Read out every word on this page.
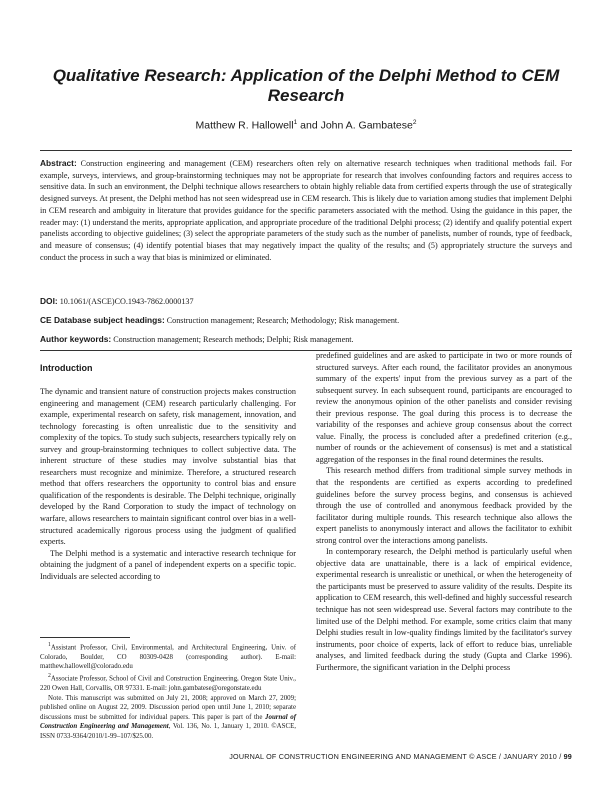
Qualitative Research: Application of the Delphi Method to CEM Research

Matthew R. Hallowell$^1$ and John A. Gambatese$^2$

Abstract: Construction engineering and management (CEM) researchers often rely on alternative research techniques when traditional methods fail. For example, surveys, interviews, and group-brainstorming techniques may not be appropriate for research that involves confounding factors and requires access to sensitive data. In such an environment, the Delphi technique allows researchers to obtain highly reliable data from certified experts through the use of strategically designed surveys. At present, the Delphi method has not seen widespread use in CEM research. This is likely due to variation among studies that implement Delphi in CEM research and ambiguity in literature that provides guidance for the specific parameters associated with the method. Using the guidance in this paper, the reader may: (1) understand the merits, appropriate application, and appropriate procedure of the traditional Delphi process; (2) identify and qualify potential expert panelists according to objective guidelines; (3) select the appropriate parameters of the study such as the number of panelists, number of rounds, type of feedback, and measure of consensus; (4) identify potential biases that may negatively impact the quality of the results; and (5) appropriately structure the surveys and conduct the process in such a way that bias is minimized or eliminated.

DOI: 10.1061/(ASCE)CO.1943-7862.0000137

CE Database subject headings: Construction management; Research; Methodology; Risk management.

Author keywords: Construction management; Research methods; Delphi; Risk management.

Introduction

The dynamic and transient nature of construction projects makes construction engineering and management (CEM) research particularly challenging. For example, experimental research on safety, risk management, innovation, and technology forecasting is often unrealistic due to the sensitivity and complexity of the topics. To study such subjects, researchers typically rely on survey and group-brainstorming techniques to collect subjective data. The inherent structure of these studies may involve substantial bias that researchers must recognize and minimize. Therefore, a structured research method that offers researchers the opportunity to control bias and ensure qualification of the respondents is desirable. The Delphi technique, originally developed by the Rand Corporation to study the impact of technology on warfare, allows researchers to maintain significant control over bias in a well-structured academically rigorous process using the judgment of qualified experts.

The Delphi method is a systematic and interactive research technique for obtaining the judgment of a panel of independent experts on a specific topic. Individuals are selected according to

$^1$Assistant Professor, Civil, Environmental, and Architectural Engineering, Univ. of Colorado, Boulder, CO 80309-0428 (corresponding author). E-mail: matthew.hallowell@colorado.edu

$^2$Associate Professor, School of Civil and Construction Engineering, Oregon State Univ., 220 Owen Hall, Corvallis, OR 97331. E-mail: john.gambatese@oregonstate.edu

Note. This manuscript was submitted on July 21, 2008; approved on March 27, 2009; published online on August 22, 2009. Discussion period open until June 1, 2010; separate discussions must be submitted for individual papers. This paper is part of the Journal of Construction Engineering and Management, Vol. 136, No. 1, January 1, 2010. ©ASCE, ISSN 0733-9364/2010/1-99–107/$25.00.

predefined guidelines and are asked to participate in two or more rounds of structured surveys. After each round, the facilitator provides an anonymous summary of the experts' input from the previous survey as a part of the subsequent survey. In each subsequent round, participants are encouraged to review the anonymous opinion of the other panelists and consider revising their previous response. The goal during this process is to decrease the variability of the responses and achieve group consensus about the correct value. Finally, the process is concluded after a predefined criterion (e.g., number of rounds or the achievement of consensus) is met and a statistical aggregation of the responses in the final round determines the results.

This research method differs from traditional simple survey methods in that the respondents are certified as experts according to predefined guidelines before the survey process begins, and consensus is achieved through the use of controlled and anonymous feedback provided by the facilitator during multiple rounds. This research technique also allows the expert panelists to anonymously interact and allows the facilitator to exhibit strong control over the interactions among panelists.

In contemporary research, the Delphi method is particularly useful when objective data are unattainable, there is a lack of empirical evidence, experimental research is unrealistic or unethical, or when the heterogeneity of the participants must be preserved to assure validity of the results. Despite its application to CEM research, this well-defined and highly successful research technique has not seen widespread use. Several factors may contribute to the limited use of the Delphi method. For example, some critics claim that many Delphi studies result in low-quality findings limited by the facilitator's survey instruments, poor choice of experts, lack of effort to reduce bias, unreliable analyses, and limited feedback during the study (Gupta and Clarke 1996). Furthermore, the significant variation in the Delphi process

JOURNAL OF CONSTRUCTION ENGINEERING AND MANAGEMENT © ASCE / JANUARY 2010 / 99
